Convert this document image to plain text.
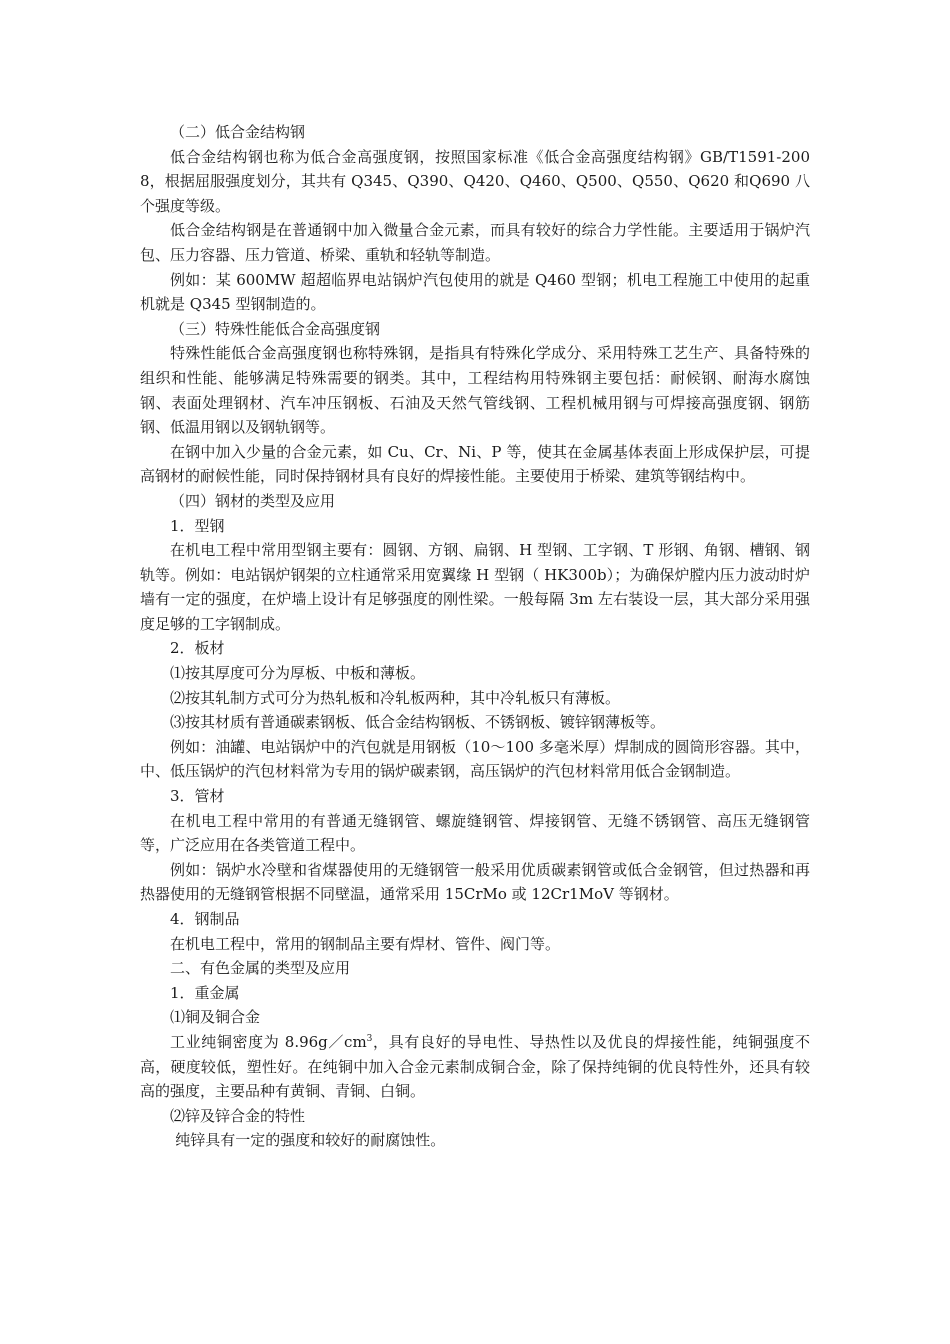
（二）低合金结构钢

低合金结构钢也称为低合金高强度钢，按照国家标准《低合金高强度结构钢》GB/T1591-2008，根据屈服强度划分，其共有 Q345、Q390、Q420、Q460、Q500、Q550、Q620 和Q690 八个强度等级。

低合金结构钢是在普通钢中加入微量合金元素，而具有较好的综合力学性能。主要适用于锅炉汽包、压力容器、压力管道、桥梁、重轨和轻轨等制造。

例如：某 600MW 超超临界电站锅炉汽包使用的就是 Q460 型钢；机电工程施工中使用的起重机就是 Q345 型钢制造的。

（三）特殊性能低合金高强度钢

特殊性能低合金高强度钢也称特殊钢，是指具有特殊化学成分、采用特殊工艺生产、具备特殊的组织和性能、能够满足特殊需要的钢类。其中，工程结构用特殊钢主要包括：耐候钢、耐海水腐蚀钢、表面处理钢材、汽车冲压钢板、石油及天然气管线钢、工程机械用钢与可焊接高强度钢、钢筋钢、低温用钢以及钢轨钢等。

在钢中加入少量的合金元素，如 Cu、Cr、Ni、P 等，使其在金属基体表面上形成保护层，可提高钢材的耐候性能，同时保持钢材具有良好的焊接性能。主要使用于桥梁、建筑等钢结构中。

（四）钢材的类型及应用

1．型钢

在机电工程中常用型钢主要有：圆钢、方钢、扁钢、H 型钢、工字钢、T 形钢、角钢、槽钢、钢轨等。例如：电站锅炉钢架的立柱通常采用宽翼缘 H 型钢（ HK300b）；为确保炉膛内压力波动时炉墙有一定的强度，在炉墙上设计有足够强度的刚性梁。一般每隔 3m 左右装设一层，其大部分采用强度足够的工字钢制成。

2．板材

⑴按其厚度可分为厚板、中板和薄板。

⑵按其轧制方式可分为热轧板和冷轧板两种，其中冷轧板只有薄板。

⑶按其材质有普通碳素钢板、低合金结构钢板、不锈钢板、镀锌钢薄板等。

例如：油罐、电站锅炉中的汽包就是用钢板（10～100 多毫米厚）焊制成的圆筒形容器。其中，中、低压锅炉的汽包材料常为专用的锅炉碳素钢，高压锅炉的汽包材料常用低合金钢制造。

3．管材

在机电工程中常用的有普通无缝钢管、螺旋缝钢管、焊接钢管、无缝不锈钢管、高压无缝钢管等，广泛应用在各类管道工程中。

例如：锅炉水冷壁和省煤器使用的无缝钢管一般采用优质碳素钢管或低合金钢管，但过热器和再热器使用的无缝钢管根据不同壁温，通常采用 15CrMo 或 12Cr1MoV 等钢材。

4．钢制品

在机电工程中，常用的钢制品主要有焊材、管件、阀门等。

二、有色金属的类型及应用

1．重金属

⑴铜及铜合金

工业纯铜密度为 $8.96g/cm^3$，具有良好的导电性、导热性以及优良的焊接性能，纯铜强度不高，硬度较低，塑性好。在纯铜中加入合金元素制成铜合金，除了保持纯铜的优良特性外，还具有较高的强度，主要品种有黄铜、青铜、白铜。

⑵锌及锌合金的特性

纯锌具有一定的强度和较好的耐腐蚀性。
